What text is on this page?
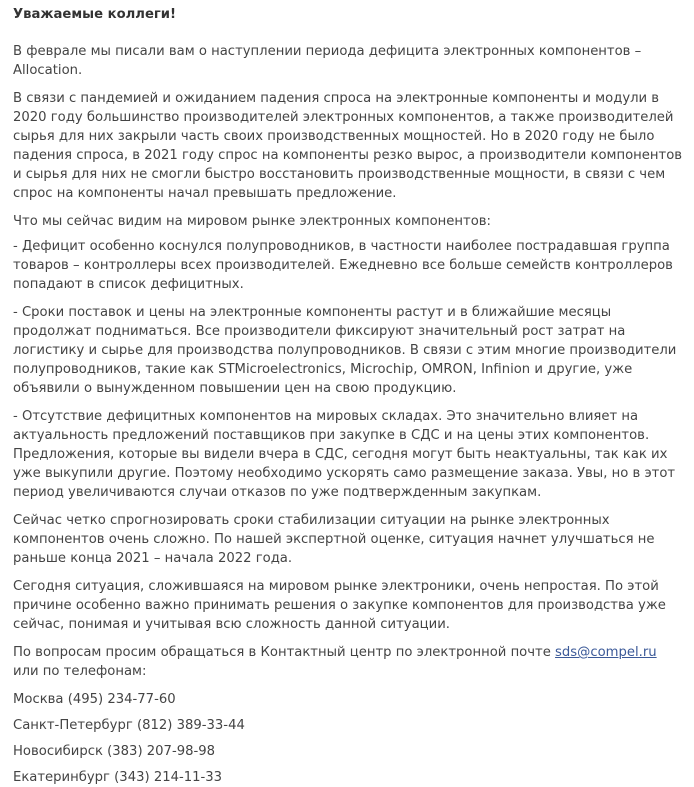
Уважаемые коллеги!

В феврале мы писали вам о наступлении периода дефицита электронных компонентов – Allocation.

В связи с пандемией и ожиданием падения спроса на электронные компоненты и модули в 2020 году большинство производителей электронных компонентов, а также производителей сырья для них закрыли часть своих производственных мощностей. Но в 2020 году не было падения спроса, в 2021 году спрос на компоненты резко вырос, а производители компонентов и сырья для них не смогли быстро восстановить производственные мощности, в связи с чем спрос на компоненты начал превышать предложение.

Что мы сейчас видим на мировом рынке электронных компонентов:

- Дефицит особенно коснулся полупроводников, в частности наиболее пострадавшая группа товаров – контроллеры всех производителей. Ежедневно все больше семейств контроллеров попадают в список дефицитных.

- Сроки поставок и цены на электронные компоненты растут и в ближайшие месяцы продолжат подниматься. Все производители фиксируют значительный рост затрат на логистику и сырье для производства полупроводников. В связи с этим многие производители полупроводников, такие как STMicroelectronics, Microchip, OMRON, Infinion и другие, уже объявили о вынужденном повышении цен на свою продукцию.

- Отсутствие дефицитных компонентов на мировых складах. Это значительно влияет на актуальность предложений поставщиков при закупке в СДС и на цены этих компонентов. Предложения, которые вы видели вчера в СДС, сегодня могут быть неактуальны, так как их уже выкупили другие. Поэтому необходимо ускорять само размещение заказа. Увы, но в этот период увеличиваются случаи отказов по уже подтвержденным закупкам.

Сейчас четко спрогнозировать сроки стабилизации ситуации на рынке электронных компонентов очень сложно. По нашей экспертной оценке, ситуация начнет улучшаться не раньше конца 2021 – начала 2022 года.

Сегодня ситуация, сложившаяся на мировом рынке электроники, очень непростая. По этой причине особенно важно принимать решения о закупке компонентов для производства уже сейчас, понимая и учитывая всю сложность данной ситуации.

По вопросам просим обращаться в Контактный центр по электронной почте sds@compel.ru или по телефонам:

Москва (495) 234-77-60
Санкт-Петербург (812) 389-33-44
Новосибирск (383) 207-98-98
Екатеринбург (343) 214-11-33
